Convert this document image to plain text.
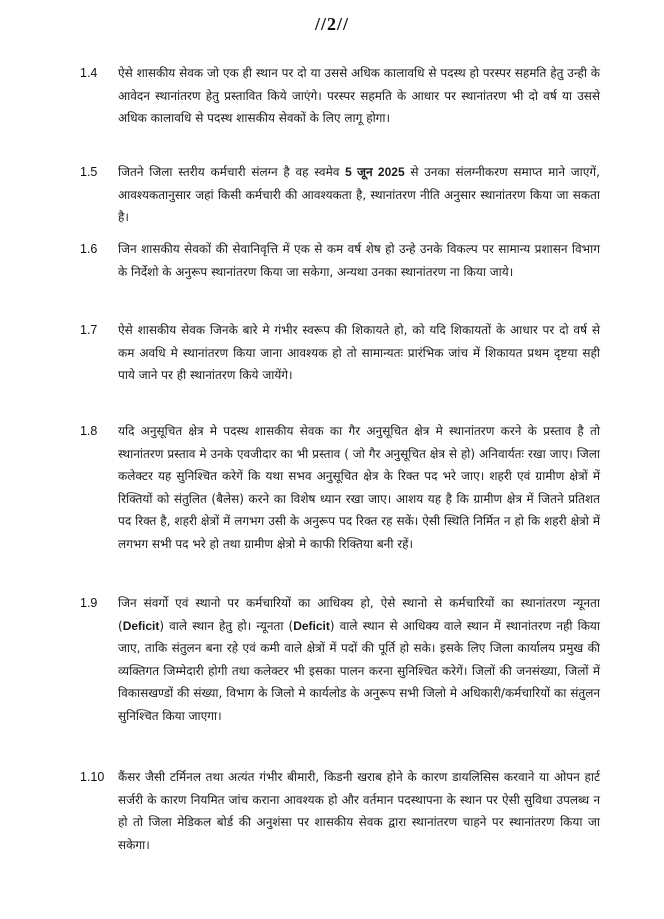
//2//
1.4	ऐसे शासकीय सेवक जो एक ही स्थान पर दो या उससे अधिक कालावधि से पदस्थ हो परस्पर सहमति हेतु उन्ही के आवेदन स्थानांतरण हेतु प्रस्तावित किये जाएंगे। परस्पर सहमति के आधार पर स्थानांतरण भी दो वर्ष या उससे अधिक कालावधि से पदस्थ शासकीय सेवकों के लिए लागू होगा।
1.5	जितने जिला स्तरीय कर्मचारी संलग्न है वह स्वमेव 5 जून 2025 से उनका संलग्नीकरण समाप्त माने जाएगें, आवश्यकतानुसार जहां किसी कर्मचारी की आवश्यकता है, स्थानांतरण नीति अनुसार स्थानांतरण किया जा सकता है।
1.6	जिन शासकीय सेवकों की सेवानिवृत्ति में एक से कम वर्ष शेष हो उन्हे उनके विकल्प पर सामान्य प्रशासन विभाग के निर्देशो के अनुरूप स्थानांतरण किया जा सकेगा, अन्यथा उनका स्थानांतरण ना किया जाये।
1.7	ऐसे शासकीय सेवक जिनके बारे मे गंभीर स्वरूप की शिकायते हो, को यदि शिकायतों के आधार पर दो वर्ष से कम अवधि मे स्थानांतरण किया जाना आवश्यक हो तो सामान्यतः प्रारंभिक जांच में शिकायत प्रथम दृष्टया सही पाये जाने पर ही स्थानांतरण किये जायेंगे।
1.8	यदि अनुसूचित क्षेत्र मे पदस्थ शासकीय सेवक का गैर अनुसूचित क्षेत्र मे स्थानांतरण करने के प्रस्ताव है तो स्थानांतरण प्रस्ताव मे उनके एवजीदार का भी प्रस्ताव ( जो गैर अनुसूचित क्षेत्र से हो) अनिवार्यतः रखा जाए। जिला कलेक्टर यह सुनिश्चित करेगें कि यथा सभव अनुसूचित क्षेत्र के रिक्त पद भरे जाए। शहरी एवं ग्रामीण क्षेत्रों में रिक्तियों को संतुलित (बैलेस) करने का विशेष ध्यान रखा जाए। आशय यह है कि ग्रामीण क्षेत्र में जितने प्रतिशत पद रिक्त है, शहरी क्षेत्रों में लगभग उसी के अनुरूप पद रिक्त रह सकें। ऐसी स्थिति निर्मित न हो कि शहरी क्षेत्रो में लगभग सभी पद भरे हो तथा ग्रामीण क्षेत्रो मे काफी रिक्तिया बनी रहें।
1.9	जिन संवर्गो एवं स्थानो पर कर्मचारियों का आधिक्य हो, ऐसे स्थानो से कर्मचारियों का स्थानांतरण न्यूनता (Deficit) वाले स्थान हेतु हो। न्यूनता (Deficit) वाले स्थान से आधिक्य वाले स्थान में स्थानांतरण नही किया जाए, ताकि संतुलन बना रहे एवं कमी वाले क्षेत्रों में पदों की पूर्ति हो सके। इसके लिए जिला कार्यालय प्रमुख की व्यक्तिगत जिम्मेदारी होगी तथा कलेक्टर भी इसका पालन करना सुनिश्चित करेगें। जिलों की जनसंख्या, जिलों में विकासखण्डों की संख्या, विभाग के जिलो मे कार्यलोड के अनुरूप सभी जिलो मे अधिकारी/कर्मचारियों का संतुलन सुनिश्चित किया जाएगा।
1.10	कैंसर जैसी टर्मिनल तथा अत्यंत गंभीर बीमारी, किडनी खराब होने के कारण डायलिसिस करवाने या ओपन हार्ट सर्जरी के कारण नियमित जांच कराना आवश्यक हो और वर्तमान पदस्थापना के स्थान पर ऐसी सुविधा उपलब्ध न हो तो जिला मेडिकल बोर्ड की अनुशंसा पर शासकीय सेवक द्वारा स्थानांतरण चाहने पर स्थानांतरण किया जा सकेगा।
